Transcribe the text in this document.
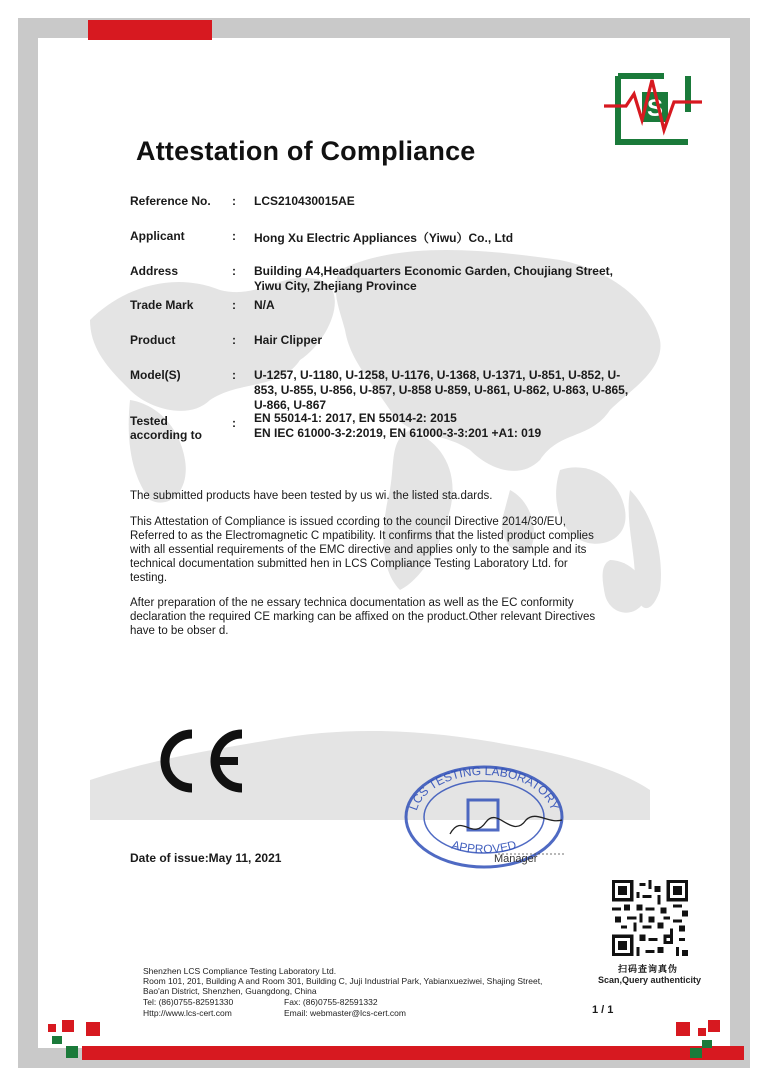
S
Attestation of Compliance
Reference No. : LCS210430015AE
Applicant	: Hong Xu Electric Appliances（Yiwu）Co., Ltd
Address	: Building A4,Headquarters Economic Garden, Choujiang Street,
Yiwu City, Zhejiang Province
Trade Mark	: N/A
Product	: Hair Clipper
Model(S)	: U-1257, U-1180, U-1258, U-1176, U-1368, U-1371, U-851, U-852, U-
853, U-855, U-856, U-857, U-858 U-859, U-861, U-862, U-863, U-865,
U-866, U-867
Tested
according to
: EN 55014-1: 2017, EN 55014-2: 2015
EN IEC 61000-3-2:2019, EN 61000-3-3:201 +A1: 019
The submitted products have been tested by us wi. the listed sta.dards.
This Attestation of Compliance is issued ccording to the council Directive 2014/30/EU,
Referred to as the Electromagnetic C mpatibility. It confirms that the listed product complies
with all essential requirements of the EMC directive and applies only to the sample and its
technical documentation submitted hen in LCS Compliance Testing Laboratory Ltd. for
testing.
After preparation of the ne essary technica documentation as well as the EC conformity
declaration the required CE marking can be affixed on the product.Other relevant Directives
have to be obser d.
LCS TESTING LABORATORY
APPROVED
Date of issue:May 11, 2021	Manager
扫码查询真伪
Scan,Query authenticity
Shenzhen LCS Compliance Testing Laboratory Ltd.
Room 101, 201, Building A and Room 301, Building C, Juji Industrial Park, Yabianxueziwei, Shajing Street,
Bao'an District, Shenzhen, Guangdong, China
Tel: (86)0755-82591330	Fax: (86)0755-82591332
Http://www.lcs-cert.com	Email: webmaster@lcs-cert.com	1 / 1
